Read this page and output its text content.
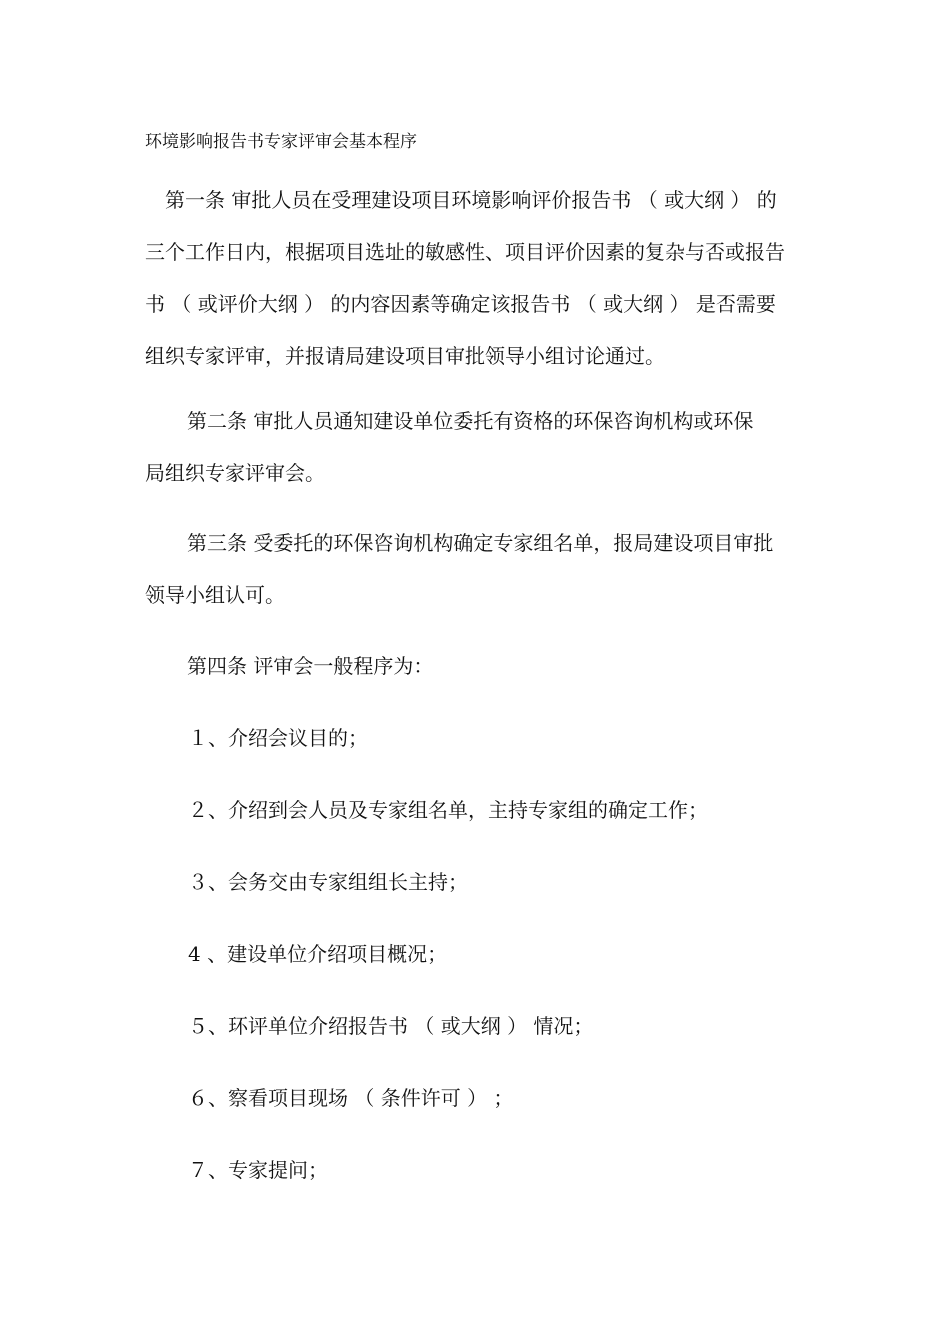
环境影响报告书专家评审会基本程序
第一条 审批人员在受理建设项目环境影响评价报告书 （ 或大纲 ） 的
三个工作日内，根据项目选址的敏感性、项目评价因素的复杂与否或报告
书 （ 或评价大纲 ） 的内容因素等确定该报告书 （ 或大纲 ） 是否需要
组织专家评审，并报请局建设项目审批领导小组讨论通过。
第二条 审批人员通知建设单位委托有资格的环保咨询机构或环保
局组织专家评审会。
第三条 受委托的环保咨询机构确定专家组名单，报局建设项目审批
领导小组认可。
第四条 评审会一般程序为：
１、介绍会议目的；
２、介绍到会人员及专家组名单，主持专家组的确定工作；
３、会务交由专家组组长主持；
4 、建设单位介绍项目概况；
５、环评单位介绍报告书 （ 或大纲 ） 情况；
６、察看项目现场 （ 条件许可 ） ；
７、专家提问；
